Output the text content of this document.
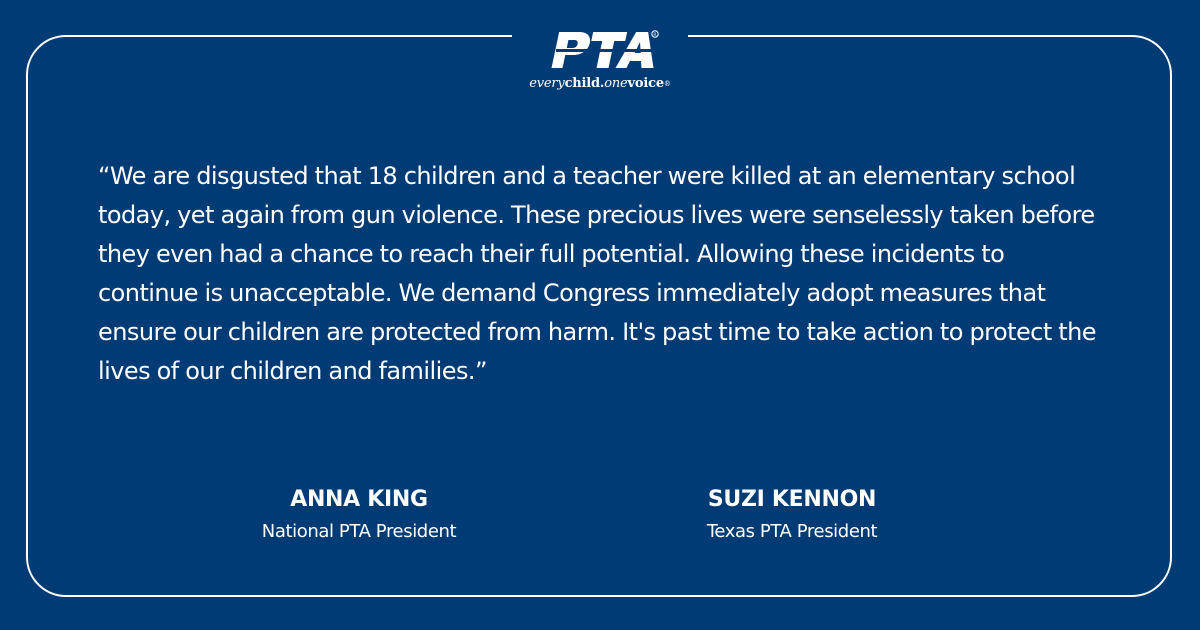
R
everychild.onevoice®

“We are disgusted that 18 children and a teacher were killed at an elementary school today, yet again from gun violence. These precious lives were senselessly taken before they even had a chance to reach their full potential. Allowing these incidents to continue is unacceptable. We demand Congress immediately adopt measures that ensure our children are protected from harm. It's past time to take action to protect the lives of our children and families.”

ANNA KING
National PTA President
SUZI KENNON
Texas PTA President
